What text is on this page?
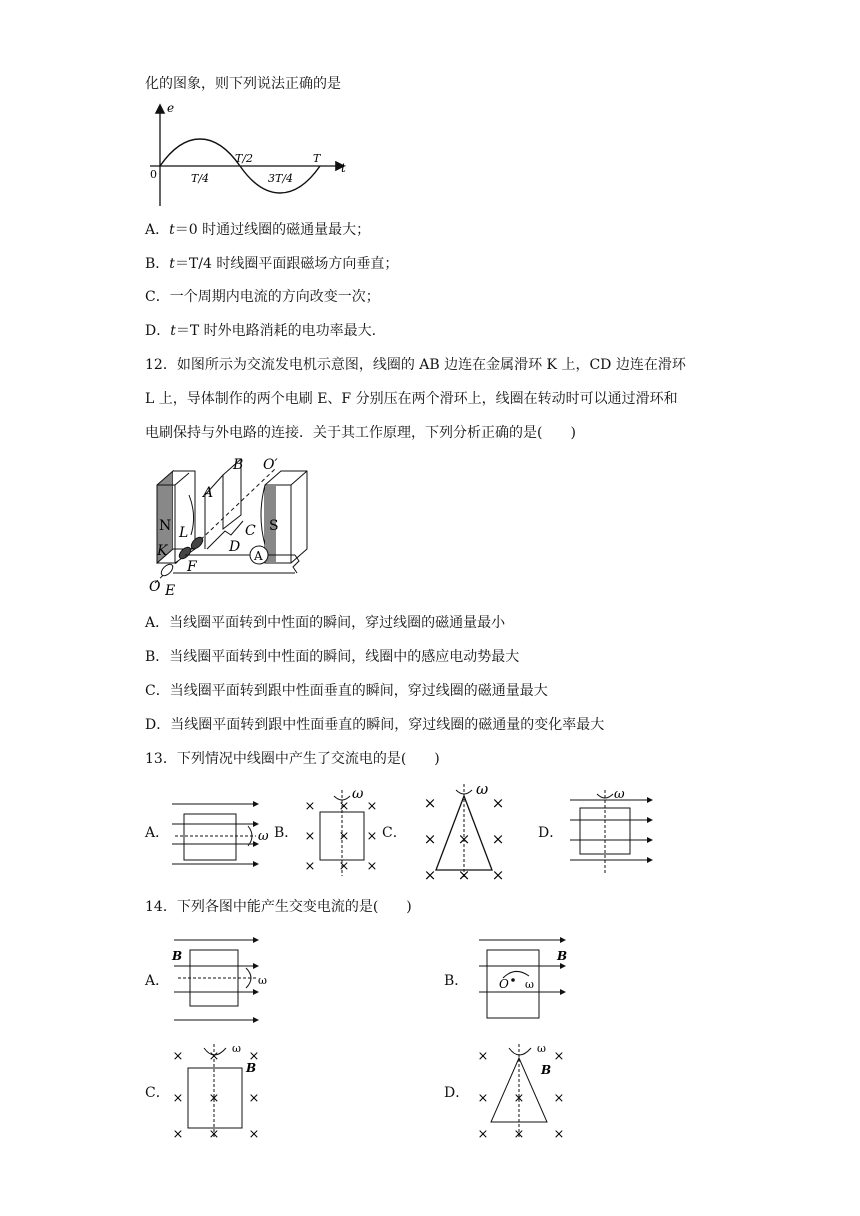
化的图象，则下列说法正确的是
e
t
0	T/4
T/2
3T/4
T
A．t＝0 时通过线圈的磁通量最大；
B．t＝T/4 时线圈平面跟磁场方向垂直；
C．一个周期内电流的方向改变一次；
D．t＝T 时外电路消耗的电功率最大.
12．如图所示为交流发电机示意图，线圈的 AB 边连在金属滑环 K 上，CD 边连在滑环
L 上，导体制作的两个电刷 E、F 分别压在两个滑环上，线圈在转动时可以通过滑环和
电刷保持与外电路的连接．关于其工作原理，下列分析正确的是(　　)
B O′
A
N	S
L	C
K	D
A
F
O E
A．当线圈平面转到中性面的瞬间，穿过线圈的磁通量最小
B．当线圈平面转到中性面的瞬间，线圈中的感应电动势最大
C．当线圈平面转到跟中性面垂直的瞬间，穿过线圈的磁通量最大
D．当线圈平面转到跟中性面垂直的瞬间，穿过线圈的磁通量的变化率最大
13．下列情况中线圈中产生了交流电的是(　　)
A．	ω B．
× × ×
× × ×
× × ×
ω
C．
×	×
× × ×
× × ×
ω
D．
ω
14．下列各图中能产生交变电流的是(　　)
A．
B
ω	B．	O ω
B
C．
× × ×
× × ×
× × ×
ω
B
D．
×	×
× × ×
× × ×
ω
B
